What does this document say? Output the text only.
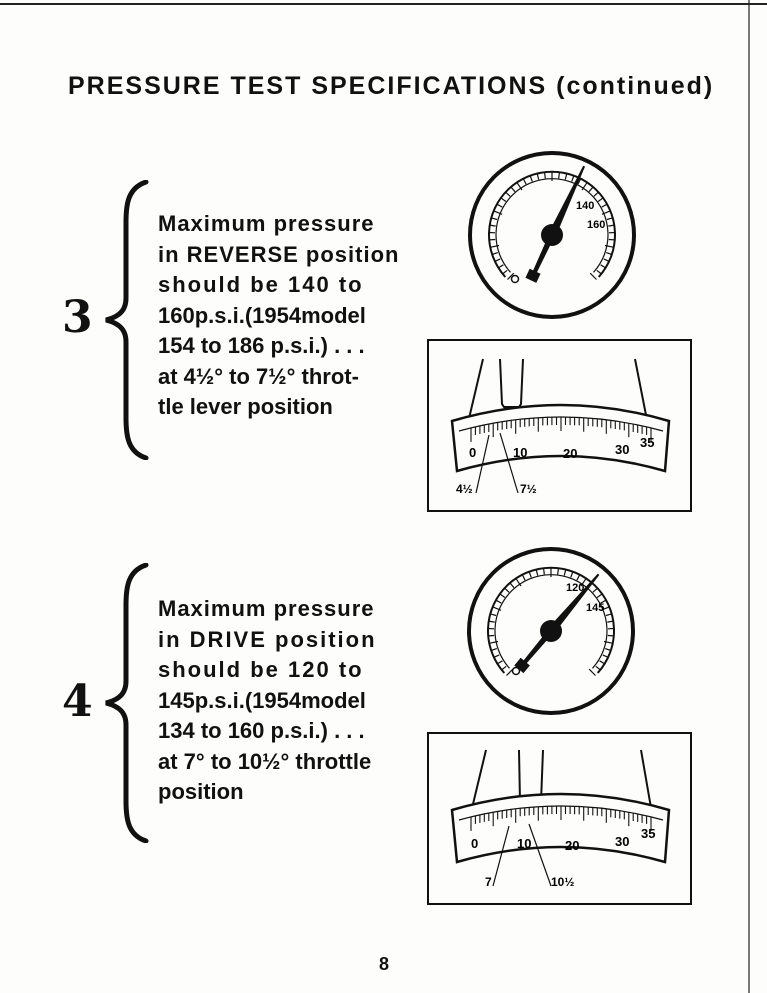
PRESSURE TEST SPECIFICATIONS (continued)
3

Maximum pressure
in REVERSE position
should be 140 to
160p.s.i.(1954model
154 to 186 p.s.i.) . . .
at 4½° to 7½° throt-
tle lever position

140
160
0	10	20	30 35
4½	7½
4

Maximum pressure
in DRIVE position
should be 120 to
145p.s.i.(1954model
134 to 160 p.s.i.) . . .
at 7° to 10½° throttle
position

120
145
0	10	20	30
35
7	10½
8
